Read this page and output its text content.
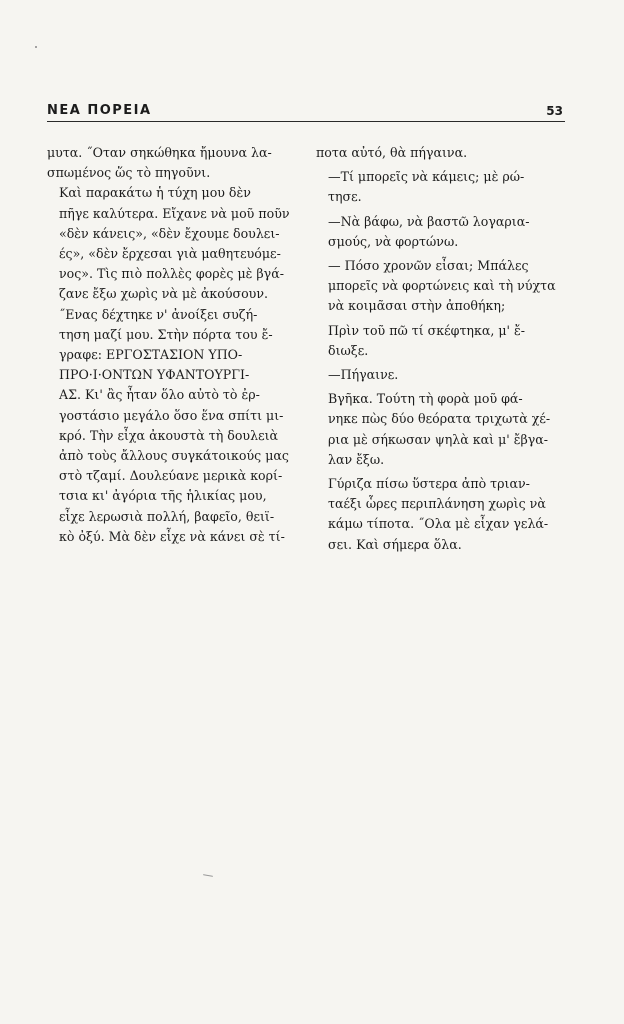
ΝΕΑ ΠΟΡΕΙΑ	53
μυτα. ˝Οταν σηκώθηκα ἤμουνα λα-
σπωμένος ὥς τὸ πηγοῦνι.
Καὶ παρακάτω ἡ τύχη μου δὲν
πῆγε καλύτερα. Εἴχανε νὰ μοῦ ποῦν
«δὲν κάνεις», «δὲν ἔχουμε δουλει-
ές», «δὲν ἔρχεσαι γιὰ μαθητευόμε-
νος». Τὶς πιὸ πολλὲς φορὲς μὲ βγά-
ζανε ἔξω χωρὶς νὰ μὲ ἀκούσουν.
˝Ενας δέχτηκε ν' ἀνοίξει συζή-
τηση μαζί μου. Στὴν πόρτα του ἔ-
γραφε: ΕΡΓΟΣΤΑΣΙΟΝ ΥΠΟ-
ΠΡΟ·Ι·ΟΝΤΩΝ ΥΦΑΝΤΟΥΡΓΙ-
ΑΣ. Κι' ἂς ἦταν ὅλο αὐτὸ τὸ ἐρ-
γοστάσιο μεγάλο ὅσο ἕνα σπίτι μι-
κρό. Τὴν εἶχα ἀκουστὰ τὴ δουλειὰ
ἀπὸ τοὺς ἄλλους συγκάτοικούς μας
στὸ τζαμί. Δουλεύανε μερικὰ κορί-
τσια κι' ἀγόρια τῆς ἡλικίας μου,
εἶχε λερωσιὰ πολλή, βαφεῖο, θειϊ-
κὸ ὀξύ. Μὰ δὲν εἶχε νὰ κάνει σὲ τί-
ποτα αὐτό, θὰ πήγαινα.
—Τί μπορεῖς νὰ κάμεις; μὲ ρώ-
τησε.
—Νὰ βάφω, νὰ βαστῶ λογαρια-
σμούς, νὰ φορτώνω.
— Πόσο χρονῶν εἶσαι; Μπάλες
μπορεῖς νὰ φορτώνεις καὶ τὴ νύχτα
νὰ κοιμᾶσαι στὴν ἀποθήκη;
Πρὶν τοῦ πῶ τί σκέφτηκα, μ' ἔ-
διωξε.
—Πήγαινε.
Βγῆκα. Τούτη τὴ φορὰ μοῦ φά-
νηκε πὼς δύο θεόρατα τριχωτὰ χέ-
ρια μὲ σήκωσαν ψηλὰ καὶ μ' ἔβγα-
λαν ἔξω.
Γύριζα πίσω ὕστερα ἀπὸ τριαν-
ταέξι ὧρες περιπλάνηση χωρὶς νὰ
κάμω τίποτα. ˝Ολα μὲ εἶχαν γελά-
σει. Καὶ σήμερα ὅλα.
